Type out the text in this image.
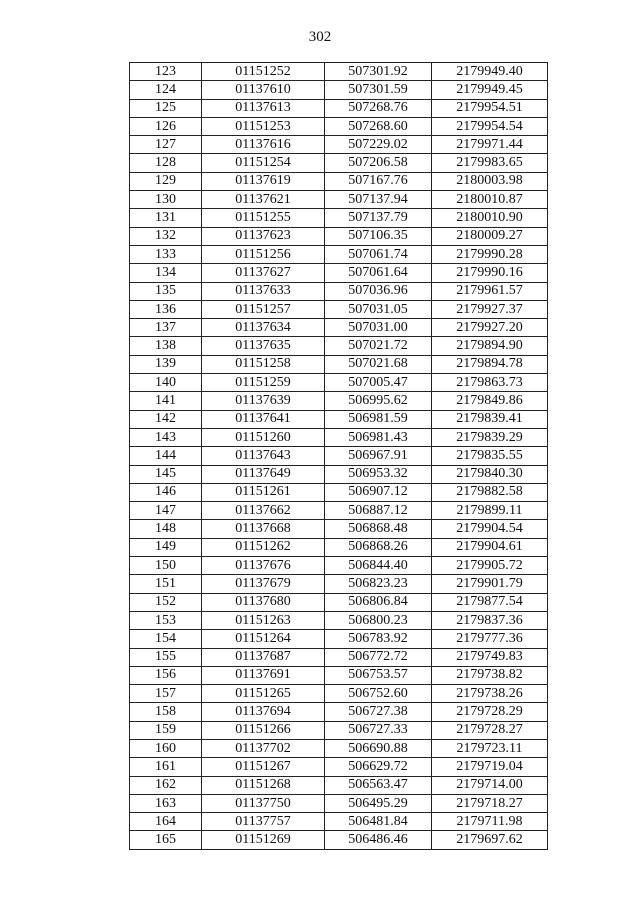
302
123	01151252	507301.92	2179949.40
124	01137610	507301.59	2179949.45
125	01137613	507268.76	2179954.51
126	01151253	507268.60	2179954.54
127	01137616	507229.02	2179971.44
128	01151254	507206.58	2179983.65
129	01137619	507167.76	2180003.98
130	01137621	507137.94	2180010.87
131	01151255	507137.79	2180010.90
132	01137623	507106.35	2180009.27
133	01151256	507061.74	2179990.28
134	01137627	507061.64	2179990.16
135	01137633	507036.96	2179961.57
136	01151257	507031.05	2179927.37
137	01137634	507031.00	2179927.20
138	01137635	507021.72	2179894.90
139	01151258	507021.68	2179894.78
140	01151259	507005.47	2179863.73
141	01137639	506995.62	2179849.86
142	01137641	506981.59	2179839.41
143	01151260	506981.43	2179839.29
144	01137643	506967.91	2179835.55
145	01137649	506953.32	2179840.30
146	01151261	506907.12	2179882.58
147	01137662	506887.12	2179899.11
148	01137668	506868.48	2179904.54
149	01151262	506868.26	2179904.61
150	01137676	506844.40	2179905.72
151	01137679	506823.23	2179901.79
152	01137680	506806.84	2179877.54
153	01151263	506800.23	2179837.36
154	01151264	506783.92	2179777.36
155	01137687	506772.72	2179749.83
156	01137691	506753.57	2179738.82
157	01151265	506752.60	2179738.26
158	01137694	506727.38	2179728.29
159	01151266	506727.33	2179728.27
160	01137702	506690.88	2179723.11
161	01151267	506629.72	2179719.04
162	01151268	506563.47	2179714.00
163	01137750	506495.29	2179718.27
164	01137757	506481.84	2179711.98
165	01151269	506486.46	2179697.62
